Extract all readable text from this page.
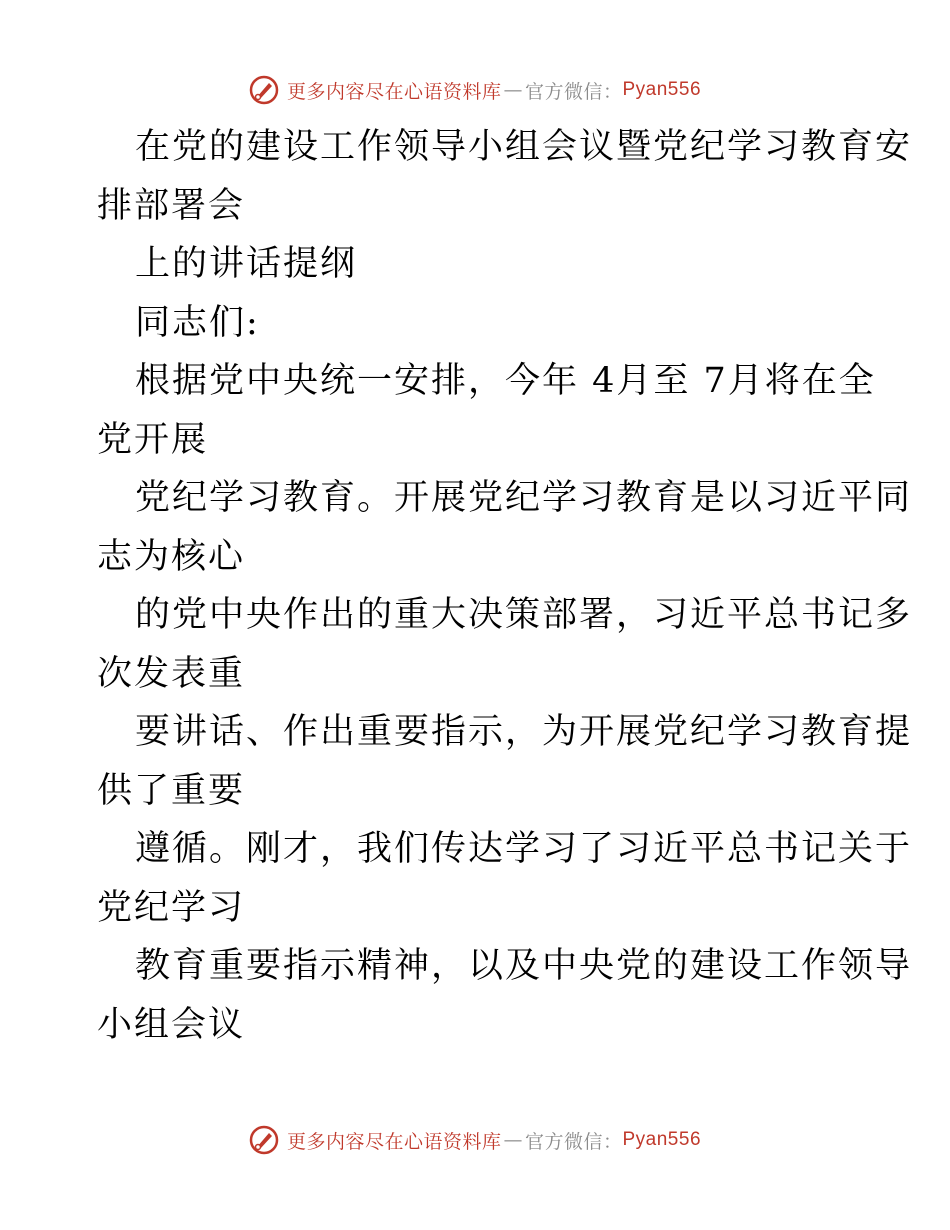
更多内容尽在心语资料库 — 官方微信： Pyan556
在党的建设工作领导小组会议暨党纪学习教育安
排部署会
上的讲话提纲
同志们:
根据党中央统一安排，今年 4月至 7月将在全
党开展
党纪学习教育。开展党纪学习教育是以习近平同
志为核心
的党中央作出的重大决策部署，习近平总书记多
次发表重
要讲话、作出重要指示，为开展党纪学习教育提
供了重要
遵循。刚才，我们传达学习了习近平总书记关于
党纪学习
教育重要指示精神，以及中央党的建设工作领导
小组会议
更多内容尽在心语资料库 — 官方微信： Pyan556
